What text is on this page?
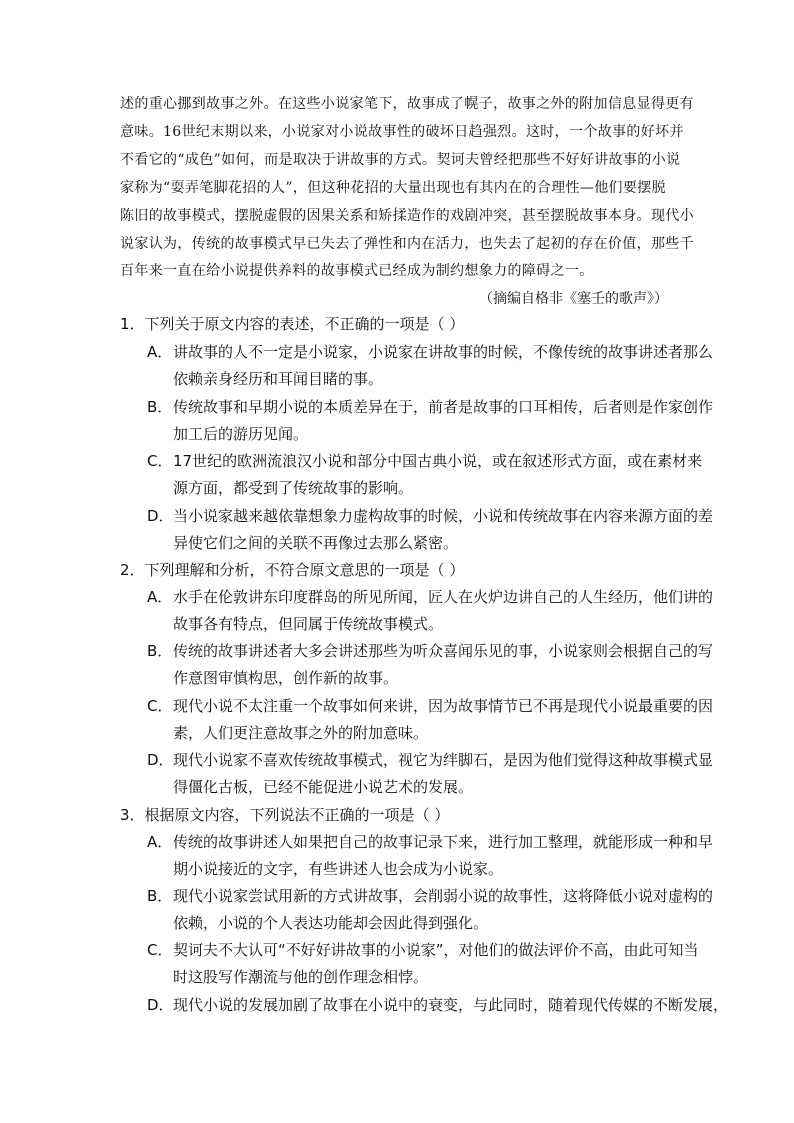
述的重心挪到故事之外。在这些小说家笔下，故事成了幌子，故事之外的附加信息显得更有
意味。16世纪末期以来，小说家对小说故事性的破坏日趋强烈。这时，一个故事的好坏并
不看它的“成色”如何，而是取决于讲故事的方式。契诃夫曾经把那些不好好讲故事的小说
家称为“耍弄笔脚花招的人”，但这种花招的大量出现也有其内在的合理性—他们要摆脱
陈旧的故事模式，摆脱虚假的因果关系和矫揉造作的戏剧冲突，甚至摆脱故事本身。现代小
说家认为，传统的故事模式早已失去了弹性和内在活力，也失去了起初的存在价值，那些千
百年来一直在给小说提供养料的故事模式已经成为制约想象力的障碍之一。
（摘编自格非《塞壬的歌声》）
1．下列关于原文内容的表述，不正确的一项是（ ）
A．讲故事的人不一定是小说家，小说家在讲故事的时候，不像传统的故事讲述者那么
依赖亲身经历和耳闻目睹的事。
B．传统故事和早期小说的本质差异在于，前者是故事的口耳相传，后者则是作家创作
加工后的游历见闻。
C．17世纪的欧洲流浪汉小说和部分中国古典小说，或在叙述形式方面，或在素材来
源方面，都受到了传统故事的影响。
D．当小说家越来越依靠想象力虚构故事的时候，小说和传统故事在内容来源方面的差
异使它们之间的关联不再像过去那么紧密。
2．下列理解和分析，不符合原文意思的一项是（ ）
A．水手在伦敦讲东印度群岛的所见所闻，匠人在火炉边讲自己的人生经历，他们讲的
故事各有特点，但同属于传统故事模式。
B．传统的故事讲述者大多会讲述那些为听众喜闻乐见的事，小说家则会根据自己的写
作意图审慎构思，创作新的故事。
C．现代小说不太注重一个故事如何来讲，因为故事情节已不再是现代小说最重要的因
素，人们更注意故事之外的附加意味。
D．现代小说家不喜欢传统故事模式，视它为绊脚石，是因为他们觉得这种故事模式显
得僵化古板，已经不能促进小说艺术的发展。
3．根据原文内容，下列说法不正确的一项是（ ）
A．传统的故事讲述人如果把自己的故事记录下来，进行加工整理，就能形成一种和早
期小说接近的文字，有些讲述人也会成为小说家。
B．现代小说家尝试用新的方式讲故事，会削弱小说的故事性，这将降低小说对虚构的
依赖，小说的个人表达功能却会因此得到强化。
C．契诃夫不大认可“不好好讲故事的小说家”，对他们的做法评价不高，由此可知当
时这股写作潮流与他的创作理念相悖。
D．现代小说的发展加剧了故事在小说中的衰变，与此同时，随着现代传媒的不断发展，
